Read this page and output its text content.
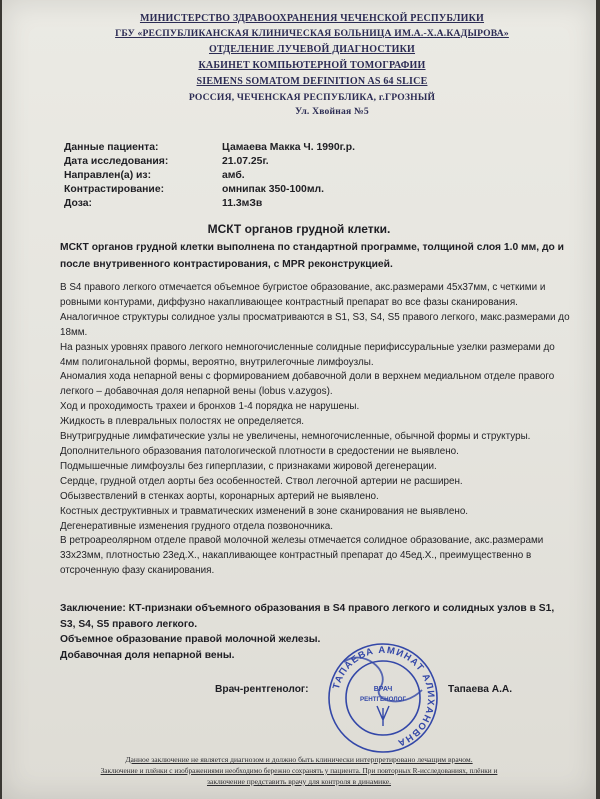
МИНИСТЕРСТВО ЗДРАВООХРАНЕНИЯ ЧЕЧЕНСКОЙ РЕСПУБЛИКИ
ГБУ «РЕСПУБЛИКАНСКАЯ КЛИНИЧЕСКАЯ БОЛЬНИЦА ИМ.А.-Х.А.КАДЫРОВА»
ОТДЕЛЕНИЕ ЛУЧЕВОЙ ДИАГНОСТИКИ
КАБИНЕТ КОМПЬЮТЕРНОЙ ТОМОГРАФИИ
SIEMENS SOMATOM DEFINITION AS 64 SLICE
РОССИЯ, ЧЕЧЕНСКАЯ РЕСПУБЛИКА, г.ГРОЗНЫЙ
Ул. Хвойная №5
Данные пациента:	Цамаева Макка Ч. 1990г.р.
Дата исследования:	21.07.25г.
Направлен(а) из:	амб.
Контрастирование:	омнипак 350-100мл.
Доза:	11.3мЗв
МСКТ органов грудной клетки.
МСКТ органов грудной клетки выполнена по стандартной программе, толщиной слоя 1.0 мм, до и после внутривенного контрастирования, с MPR реконструкцией.

В S4 правого легкого отмечается объемное бугристое образование, акс.размерами 45х37мм, с четкими и ровными контурами, диффузно накапливающее контрастный препарат во все фазы сканирования. Аналогичное структуры солидное узлы просматриваются в S1, S3, S4, S5 правого легкого, макс.размерами до 18мм.

На разных уровнях правого легкого немногочисленные солидные перифиссуральные узелки размерами до 4мм полигональной формы, вероятно, внутрилегочные лимфоузлы.

Аномалия хода непарной вены с формированием добавочной доли в верхнем медиальном отделе правого легкого – добавочная доля непарной вены (lobus v.azygos).

Ход и проходимость трахеи и бронхов 1-4 порядка не нарушены.

Жидкость в плевральных полостях не определяется.

Внутригрудные лимфатические узлы не увеличены, немногочисленные, обычной формы и структуры.

Дополнительного образования патологической плотности в средостении не выявлено.

Подмышечные лимфоузлы без гиперплазии, с признаками жировой дегенерации.

Сердце, грудной отдел аорты без особенностей. Ствол легочной артерии не расширен.

Обызвествлений в стенках аорты, коронарных артерий не выявлено.

Костных деструктивных и травматических изменений в зоне сканирования не выявлено.

Дегенеративные изменения грудного отдела позвоночника.

В ретроареолярном отделе правой молочной железы отмечается солидное образование, акс.размерами 33х23мм, плотностью 23ед.Х., накапливающее контрастный препарат до 45ед.Х., преимущественно в отсроченную фазу сканирования.

Заключение: КТ-признаки объемного образования в S4 правого легкого и солидных узлов в S1, S3, S4, S5 правого легкого.

Объемное образование правой молочной железы.

Добавочная доля непарной вены.

ТАПАЕВА АМИНАТ АЛИХАНОВНА
ВРАЧ
РЕНТГЕНОЛОГ
Врач-рентгенолог:	Тапаева А.А.
Данное заключение не является диагнозом и должно быть клинически интерпретировано лечащим врачом.
Заключение и плёнки с изображениями необходимо бережно сохранять у пациента. При повторных R-исследованиях, плёнки и
заключение представить врачу для контроля в динамике.
